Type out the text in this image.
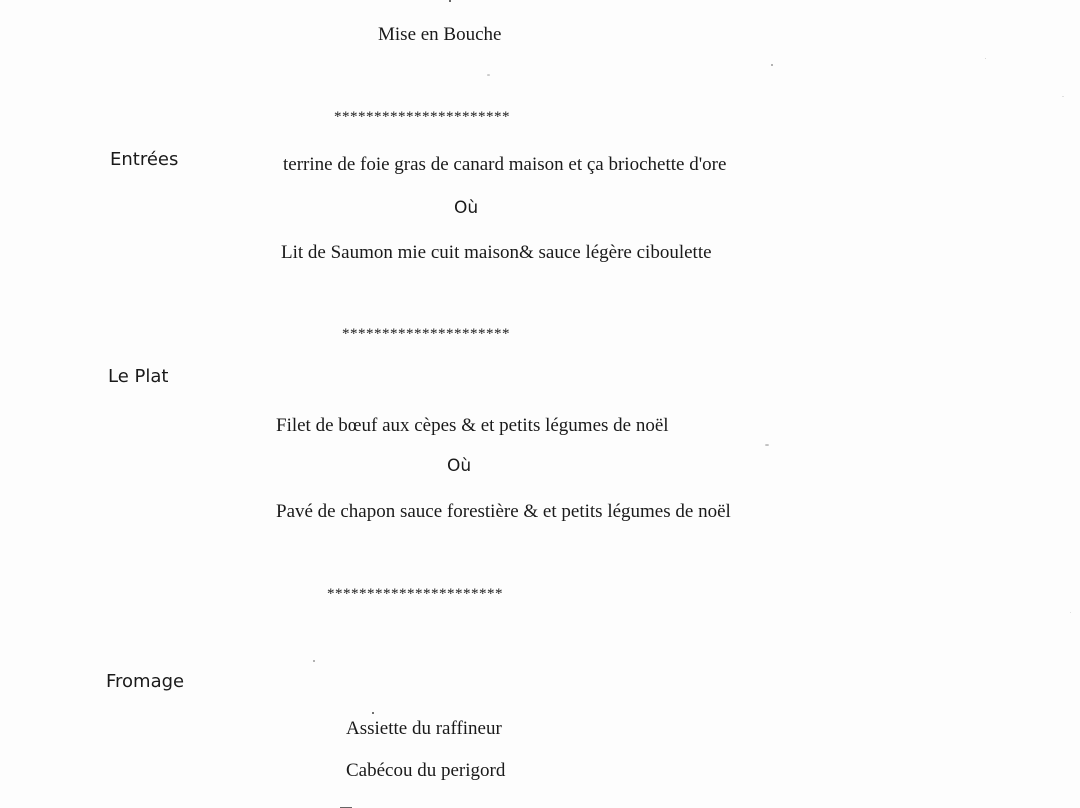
Mise en Bouche
**********************
Entrées	terrine de foie gras de canard maison et ça briochette d'ore
Où
Lit de Saumon mie cuit maison& sauce légère ciboulette
*********************
Le Plat
Filet de bœuf aux cèpes & et petits légumes de noël
Où
Pavé de chapon sauce forestière & et petits légumes de noël
**********************
Fromage
Assiette du raffineur
Cabécou du perigord
